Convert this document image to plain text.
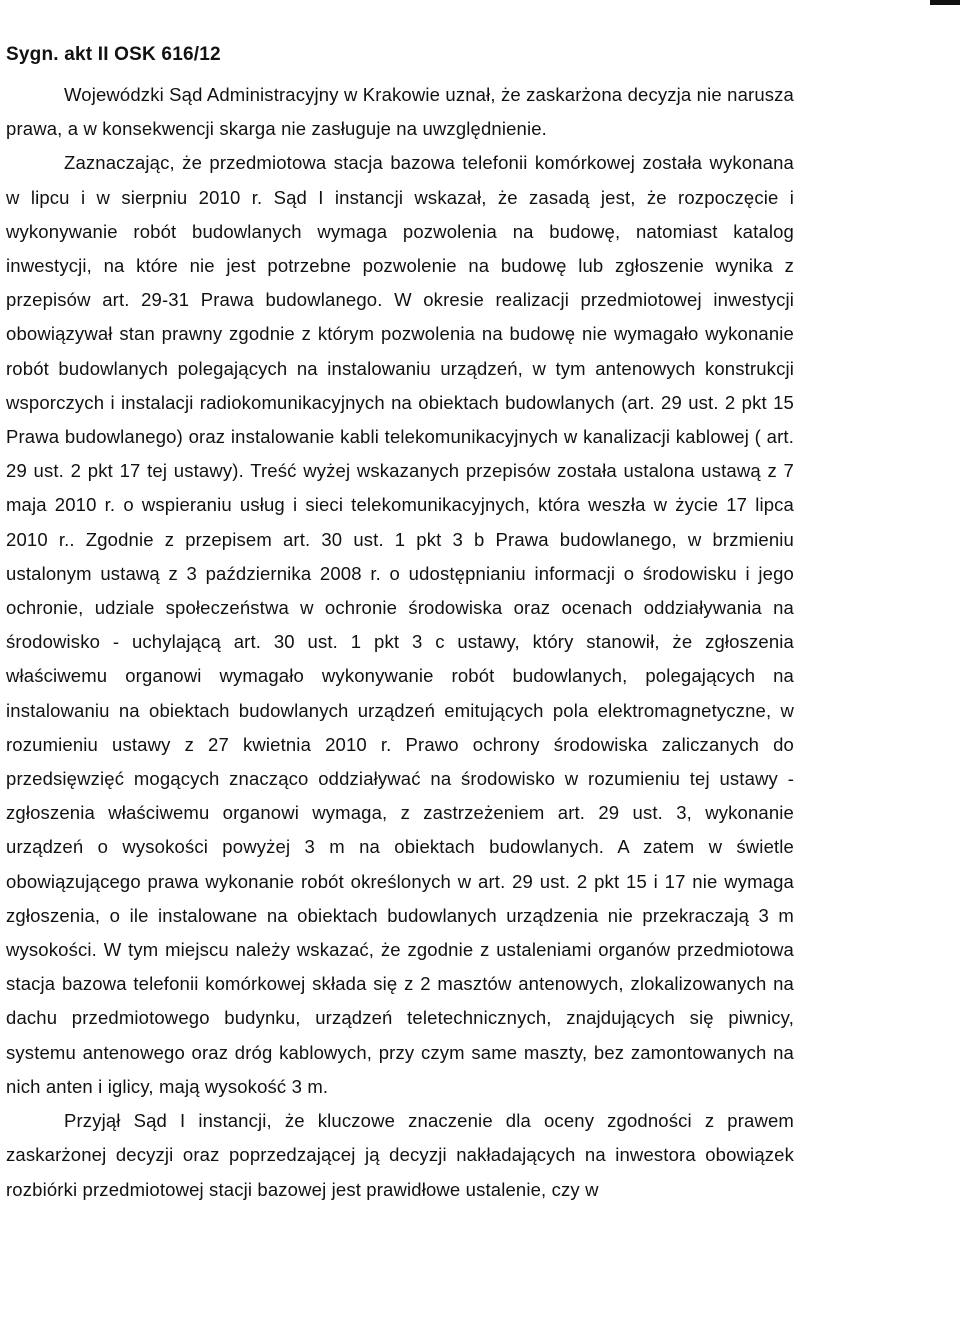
Sygn. akt II OSK 616/12

Wojewódzki Sąd Administracyjny w Krakowie uznał, że zaskarżona decyzja nie narusza prawa, a w konsekwencji skarga nie zasługuje na uwzględnienie.

Zaznaczając, że przedmiotowa stacja bazowa telefonii komórkowej została wykonana w lipcu i w sierpniu 2010 r. Sąd I instancji wskazał, że zasadą jest, że rozpoczęcie i wykonywanie robót budowlanych wymaga pozwolenia na budowę, natomiast katalog inwestycji, na które nie jest potrzebne pozwolenie na budowę lub zgłoszenie wynika z przepisów art. 29-31 Prawa budowlanego. W okresie realizacji przedmiotowej inwestycji obowiązywał stan prawny zgodnie z którym pozwolenia na budowę nie wymagało wykonanie robót budowlanych polegających na instalowaniu urządzeń, w tym antenowych konstrukcji wsporczych i instalacji radiokomunikacyjnych na obiektach budowlanych (art. 29 ust. 2 pkt 15 Prawa budowlanego) oraz instalowanie kabli telekomunikacyjnych w kanalizacji kablowej ( art. 29 ust. 2 pkt 17 tej ustawy). Treść wyżej wskazanych przepisów została ustalona ustawą z 7 maja 2010 r. o wspieraniu usług i sieci telekomunikacyjnych, która weszła w życie 17 lipca 2010 r.. Zgodnie z przepisem art. 30 ust. 1 pkt 3 b Prawa budowlanego, w brzmieniu ustalonym ustawą z 3 października 2008 r. o udostępnianiu informacji o środowisku i jego ochronie, udziale społeczeństwa w ochronie środowiska oraz ocenach oddziaływania na środowisko - uchylającą art. 30 ust. 1 pkt 3 c ustawy, który stanowił, że zgłoszenia właściwemu organowi wymagało wykonywanie robót budowlanych, polegających na instalowaniu na obiektach budowlanych urządzeń emitujących pola elektromagnetyczne, w rozumieniu ustawy z 27 kwietnia 2010 r. Prawo ochrony środowiska zaliczanych do przedsięwzięć mogących znacząco oddziaływać na środowisko w rozumieniu tej ustawy - zgłoszenia właściwemu organowi wymaga, z zastrzeżeniem art. 29 ust. 3, wykonanie urządzeń o wysokości powyżej 3 m na obiektach budowlanych. A zatem w świetle obowiązującego prawa wykonanie robót określonych w art. 29 ust. 2 pkt 15 i 17 nie wymaga zgłoszenia, o ile instalowane na obiektach budowlanych urządzenia nie przekraczają 3 m wysokości. W tym miejscu należy wskazać, że zgodnie z ustaleniami organów przedmiotowa stacja bazowa telefonii komórkowej składa się z 2 masztów antenowych, zlokalizowanych na dachu przedmiotowego budynku, urządzeń teletechnicznych, znajdujących się piwnicy, systemu antenowego oraz dróg kablowych, przy czym same maszty, bez zamontowanych na nich anten i iglicy, mają wysokość 3 m.

Przyjął Sąd I instancji, że kluczowe znaczenie dla oceny zgodności z prawem zaskarżonej decyzji oraz poprzedzającej ją decyzji nakładających na inwestora obowiązek rozbiórki przedmiotowej stacji bazowej jest prawidłowe ustalenie, czy w
